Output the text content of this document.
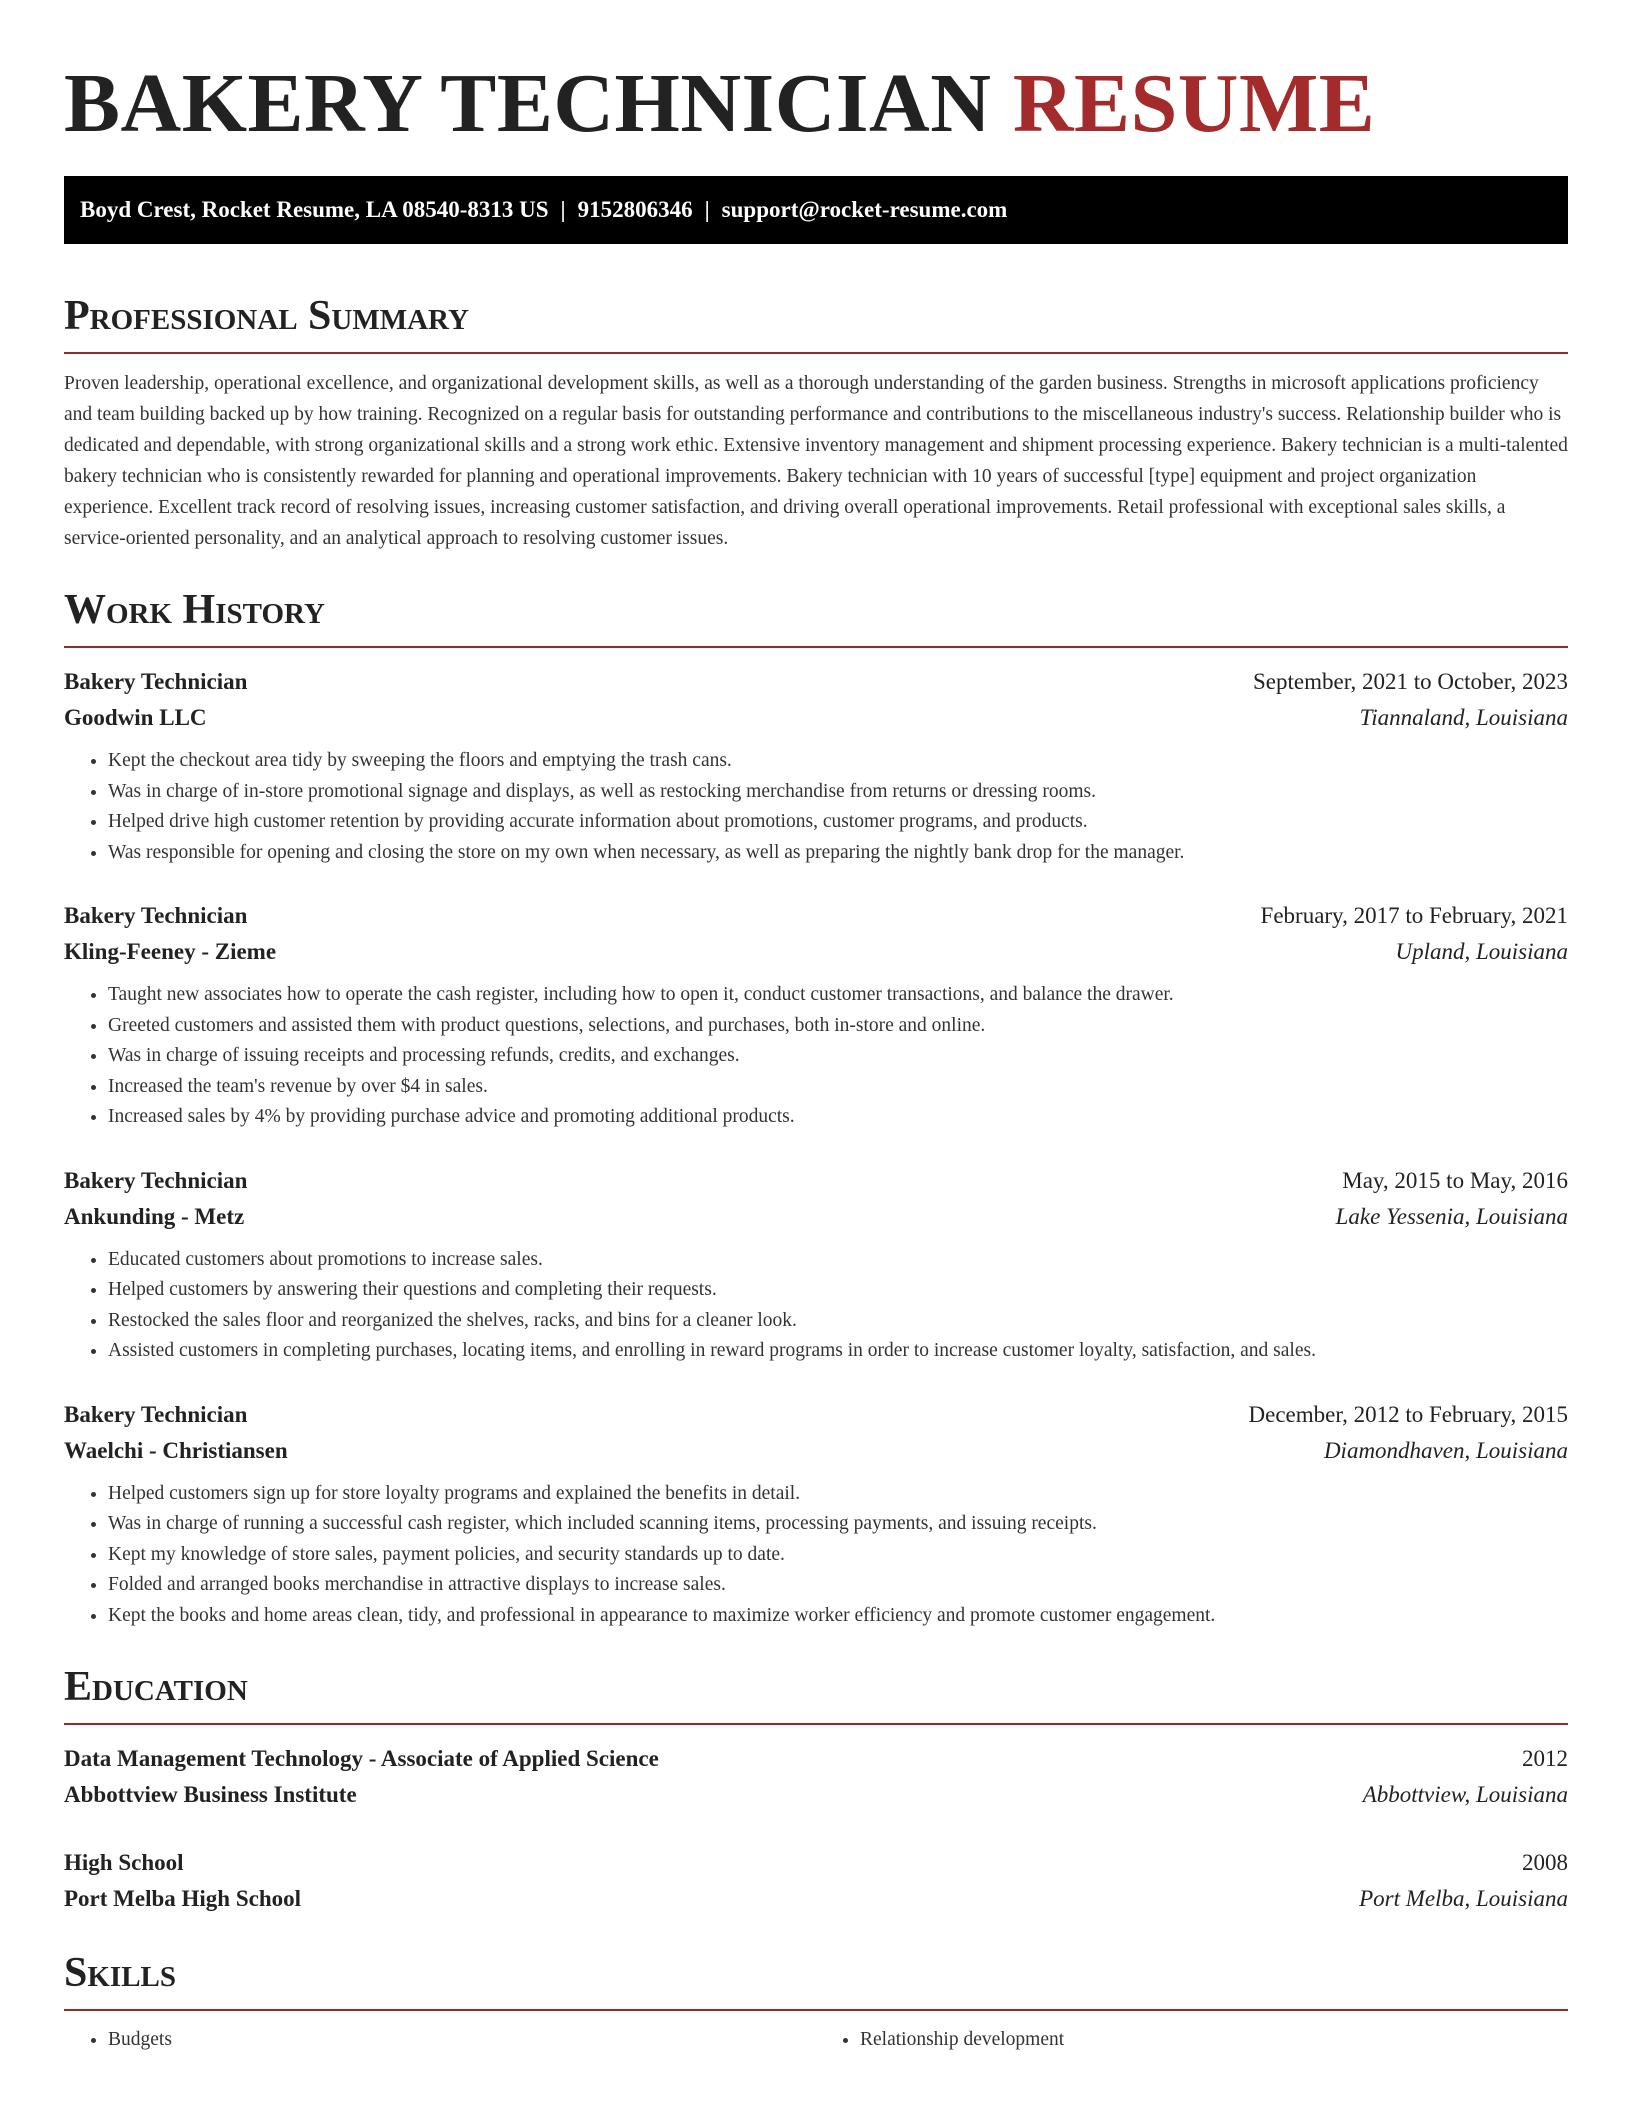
BAKERY TECHNICIAN RESUME
Boyd Crest, Rocket Resume, LA 08540-8313 US | 9152806346 | support@rocket-resume.com
Professional Summary

Proven leadership, operational excellence, and organizational development skills, as well as a thorough understanding of the garden business. Strengths in microsoft applications proficiency and team building backed up by how training. Recognized on a regular basis for outstanding performance and contributions to the miscellaneous industry's success. Relationship builder who is dedicated and dependable, with strong organizational skills and a strong work ethic. Extensive inventory management and shipment processing experience. Bakery technician is a multi-talented bakery technician who is consistently rewarded for planning and operational improvements. Bakery technician with 10 years of successful [type] equipment and project organization experience. Excellent track record of resolving issues, increasing customer satisfaction, and driving overall operational improvements. Retail professional with exceptional sales skills, a service-oriented personality, and an analytical approach to resolving customer issues.

Work History
Bakery Technician	September, 2021 to October, 2023
Goodwin LLC	Tiannaland, Louisiana
• Kept the checkout area tidy by sweeping the floors and emptying the trash cans.
• Was in charge of in-store promotional signage and displays, as well as restocking merchandise from returns or dressing rooms.
• Helped drive high customer retention by providing accurate information about promotions, customer programs, and products.
• Was responsible for opening and closing the store on my own when necessary, as well as preparing the nightly bank drop for the manager.
Bakery Technician	February, 2017 to February, 2021
Kling-Feeney - Zieme	Upland, Louisiana
• Taught new associates how to operate the cash register, including how to open it, conduct customer transactions, and balance the drawer.
• Greeted customers and assisted them with product questions, selections, and purchases, both in-store and online.
• Was in charge of issuing receipts and processing refunds, credits, and exchanges.
• Increased the team's revenue by over $4 in sales.
• Increased sales by 4% by providing purchase advice and promoting additional products.
Bakery Technician	May, 2015 to May, 2016
Ankunding - Metz	Lake Yessenia, Louisiana
• Educated customers about promotions to increase sales.
• Helped customers by answering their questions and completing their requests.
• Restocked the sales floor and reorganized the shelves, racks, and bins for a cleaner look.
• Assisted customers in completing purchases, locating items, and enrolling in reward programs in order to increase customer loyalty, satisfaction, and sales.
Bakery Technician	December, 2012 to February, 2015
Waelchi - Christiansen	Diamondhaven, Louisiana
• Helped customers sign up for store loyalty programs and explained the benefits in detail.
• Was in charge of running a successful cash register, which included scanning items, processing payments, and issuing receipts.
• Kept my knowledge of store sales, payment policies, and security standards up to date.
• Folded and arranged books merchandise in attractive displays to increase sales.
• Kept the books and home areas clean, tidy, and professional in appearance to maximize worker efficiency and promote customer engagement.
Education
Data Management Technology - Associate of Applied Science	2012
Abbottview Business Institute	Abbottview, Louisiana
High School	2008
Port Melba High School	Port Melba, Louisiana
Skills
• Budgets
•	Relationship development
